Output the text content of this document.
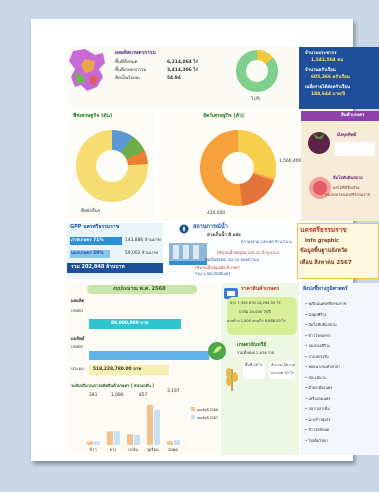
ผลผลิตเกษตรกรรม
พื้นที่ทั้งหมด	6,214,064 ไร่
พื้นที่เกษตรกรรม	3,414,306 ไร่
คิดเป็นร้อยละ	54.94
ไร่/ปี
จำนวนประชากร
1,542,564 คน
จำนวนครัวเรือน
605,366 ครัวเรือน
เฉลี่ยรายได้ต่อครัวเรือน
188,644 บาท/ปี
พืชเศรษฐกิจ (ตัน)
พืชผักอื่นๆ
สัตว์เศรษฐกิจ (ตัว)
1,560,400
420,000
สินค้าเกษตร
มังคุดทิพย์
ส้มโอทับทิมสยาม
ผลไม้ที่มีชื่อเสียง
ของจังหวัดนครศรีธรรมราช
GPP นครศรีธรรมราช
ภาคเกษตร 71%	143,886 ล้านบาท
นอกเกษตร 29%	59,002 ล้านบาท
รวม 202,848 ล้านบาท
สถานการณ์น้ำ
อ่างเก็บน้ำ 8 แห่ง
ความจุรวม 249.66 ล้าน ลบ.ม.
ปริมาณน้ำปัจจุบัน 205.22 ล้าน ลบ.ม.
คิดเป็นร้อยละ 82.20 ของความจุ
ปริมาณน้ำฝนเฉลี่ย ปี 2567
รวม 2,962 มิลลิเมตร
นครศรีธรรมราช
Info graphic
ข้อมูลพื้นฐานจังหวัด
เดือน สิงหาคม 2567
งบประมาณ พ.ศ. 2568
ผลผลิต
เกษตร
89,000,000 บาท
ผลลัพธ์
เกษตร
ประมง 518,228,780.00 บาท
ระดับปริมาณการผลิตสินค้าเกษตร ( หน่วย:ตัน )
281	1,080	857
3,197
ข้าว	ยาง	ปาล์ม ทุเรียน มังคุด
ผลผลิตปี 2566
ผลผลิตปี 2567
ราคาสินค้าเกษตร
ยาง 7,355 ตาย 10,264.55 ไร่
ปาล์ม 20,000 ไร่/ปี
มะพร้าว 1,800 ตาย/ไร่ 6,888.00 ไร่
เกษตรอินทรีย์
รวมทั้งหมด 2,638 ราย
พื้นที่ 28 ไร่ จำนวน 38 ราย
ประเภท 10 ไร่
สิ่งบ่งชี้ทางภูมิศาสตร์
• ทุเรียนนครศรีธรรมราช
• มังคุดคีรีวง
• ส้มโอทับทิมสยาม
• ข้าวไร่ดอกข่า
• ลองกองคีรีวง
• กาแฟกรุงชิง
• หอยนางรมท่าศาลา
• สละเนินวง
• ผ้ายกเมืองนคร
• เครื่องถมนคร
• ปลากุเลาเค็ม
• มะพร้าวทุ่งสง
• ข้าวสังข์หยด
• ไข่เค็มไชยา
